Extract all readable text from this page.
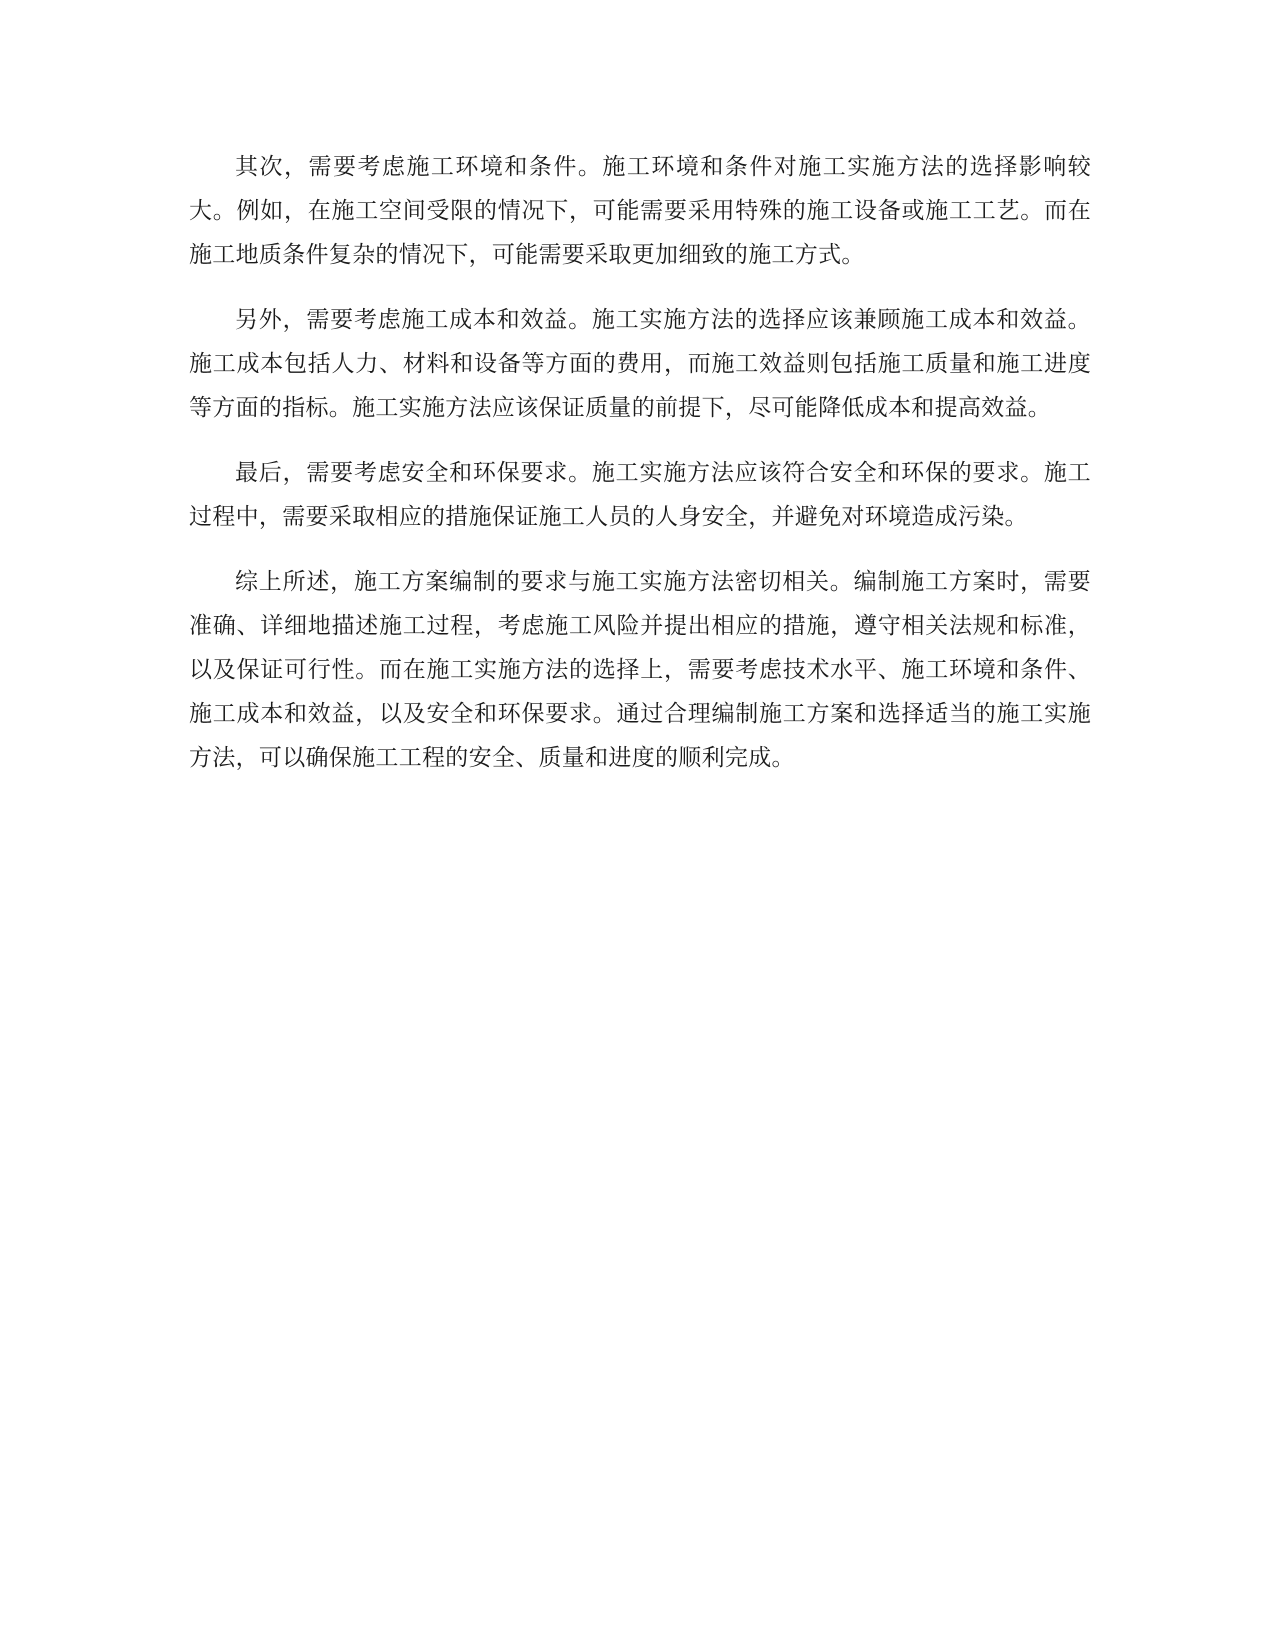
其次，需要考虑施工环境和条件。施工环境和条件对施工实施方法的选择影响较大。例如，在施工空间受限的情况下，可能需要采用特殊的施工设备或施工工艺。而在施工地质条件复杂的情况下，可能需要采取更加细致的施工方式。

另外，需要考虑施工成本和效益。施工实施方法的选择应该兼顾施工成本和效益。施工成本包括人力、材料和设备等方面的费用，而施工效益则包括施工质量和施工进度等方面的指标。施工实施方法应该保证质量的前提下，尽可能降低成本和提高效益。

最后，需要考虑安全和环保要求。施工实施方法应该符合安全和环保的要求。施工过程中，需要采取相应的措施保证施工人员的人身安全，并避免对环境造成污染。

综上所述，施工方案编制的要求与施工实施方法密切相关。编制施工方案时，需要准确、详细地描述施工过程，考虑施工风险并提出相应的措施，遵守相关法规和标准，以及保证可行性。而在施工实施方法的选择上，需要考虑技术水平、施工环境和条件、施工成本和效益，以及安全和环保要求。通过合理编制施工方案和选择适当的施工实施方法，可以确保施工工程的安全、质量和进度的顺利完成。
